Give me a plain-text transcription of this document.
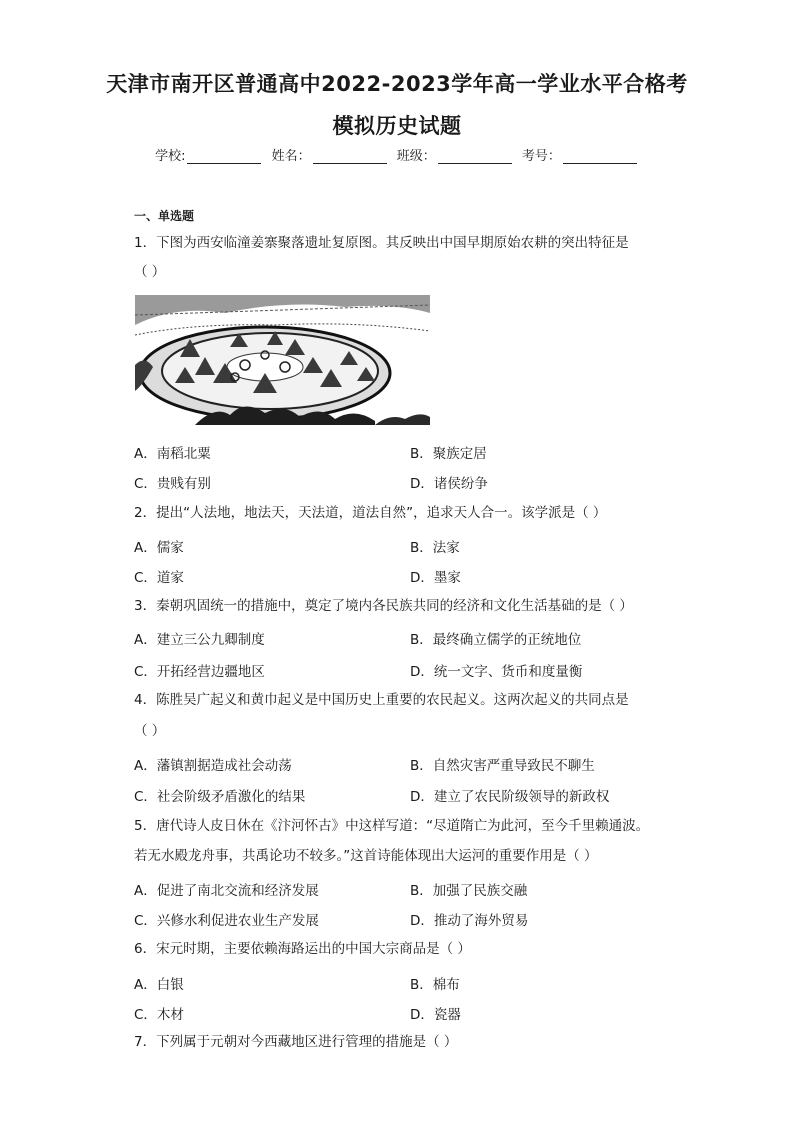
天津市南开区普通高中2022-2023学年高一学业水平合格考
模拟历史试题
学校:	姓名：	班级：	考号：
一、单选题
1．下图为西安临潼姜寨聚落遗址复原图。其反映出中国早期原始农耕的突出特征是
（ ）
A．南稻北粟	B．聚族定居
C．贵贱有别	D．诸侯纷争
2．提出“人法地，地法天，天法道，道法自然”，追求天人合一。该学派是（ ）
A．儒家	B．法家
C．道家	D．墨家
3．秦朝巩固统一的措施中，奠定了境内各民族共同的经济和文化生活基础的是（ ）
A．建立三公九卿制度	B．最终确立儒学的正统地位
C．开拓经营边疆地区	D．统一文字、货币和度量衡
4．陈胜吴广起义和黄巾起义是中国历史上重要的农民起义。这两次起义的共同点是
（ ）
A．藩镇割据造成社会动荡	B．自然灾害严重导致民不聊生
C．社会阶级矛盾激化的结果	D．建立了农民阶级领导的新政权
5．唐代诗人皮日休在《汴河怀古》中这样写道：“尽道隋亡为此河，至今千里赖通波。
若无水殿龙舟事，共禹论功不较多。”这首诗能体现出大运河的重要作用是（ ）
A．促进了南北交流和经济发展	B．加强了民族交融
C．兴修水利促进农业生产发展	D．推动了海外贸易
6．宋元时期，主要依赖海路运出的中国大宗商品是（ ）
A．白银	B．棉布
C．木材	D．瓷器
7．下列属于元朝对今西藏地区进行管理的措施是（ ）
